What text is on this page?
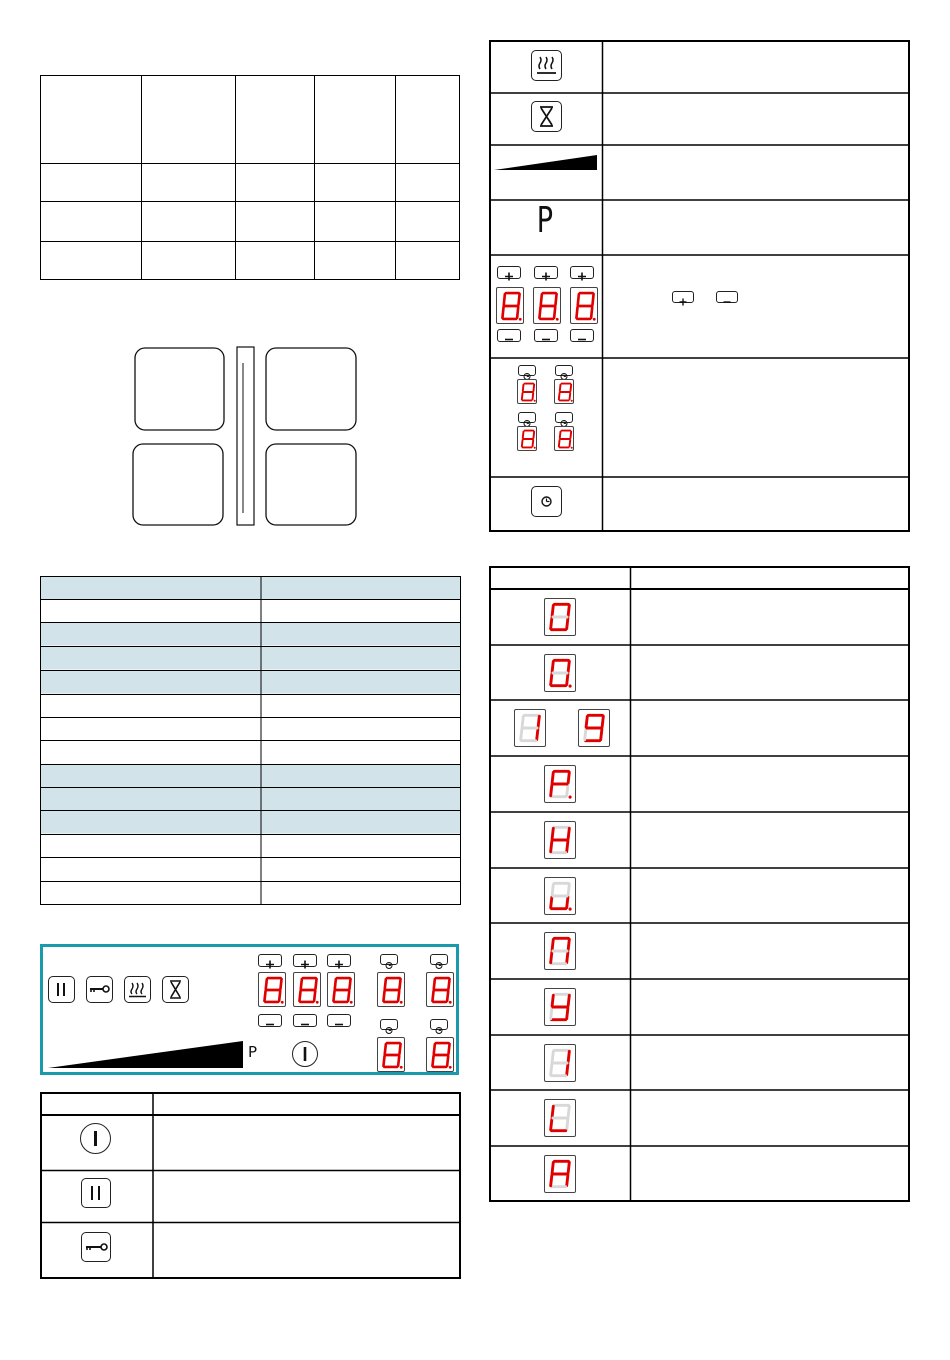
P
P
